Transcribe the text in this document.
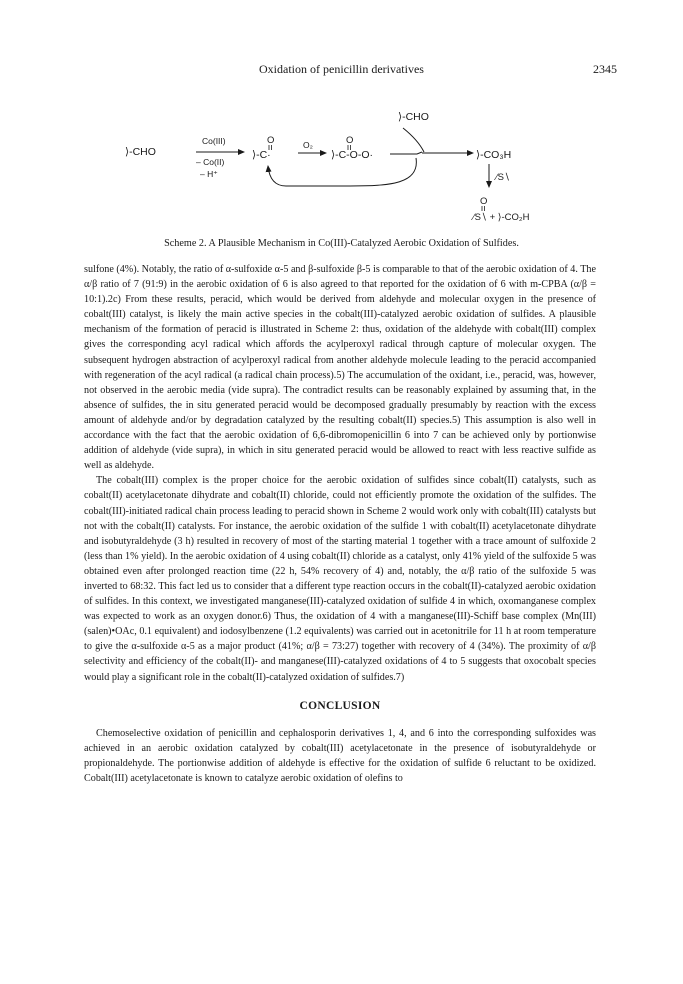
Oxidation of penicillin derivatives	2345
⟩-CHO
Co(III)
– Co(II)
– H⁺
O
⟩-C·
O₂	O
⟩-C-O-O·
⟩-CHO
⟩-CO₃H
∕S∖
O
∕S∖ + ⟩-CO₂H
Scheme 2. A Plausible Mechanism in Co(III)-Catalyzed Aerobic Oxidation of Sulfides.

sulfone (4%). Notably, the ratio of α-sulfoxide α-5 and β-sulfoxide β-5 is comparable to that of the aerobic oxidation of 4. The α/β ratio of 7 (91:9) in the aerobic oxidation of 6 is also agreed to that reported for the oxidation of 6 with m-CPBA (α/β = 10:1).2c) From these results, peracid, which would be derived from aldehyde and molecular oxygen in the presence of cobalt(III) catalyst, is likely the main active species in the cobalt(III)-catalyzed aerobic oxidation of sulfides. A plausible mechanism of the formation of peracid is illustrated in Scheme 2: thus, oxidation of the aldehyde with cobalt(III) complex gives the corresponding acyl radical which affords the acylperoxyl radical through capture of molecular oxygen. The subsequent hydrogen abstraction of acylperoxyl radical from another aldehyde molecule leading to the peracid accompanied with regeneration of the acyl radical (a radical chain process).5) The accumulation of the oxidant, i.e., peracid, was, however, not observed in the aerobic media (vide supra). The contradict results can be reasonably explained by assuming that, in the absence of sulfides, the in situ generated peracid would be decomposed gradually presumably by reaction with the excess amount of aldehyde and/or by degradation catalyzed by the resulting cobalt(II) species.5) This assumption is also well in accordance with the fact that the aerobic oxidation of 6,6-dibromopenicillin 6 into 7 can be achieved only by portionwise addition of aldehyde (vide supra), in which in situ generated peracid would be allowed to react with less reactive sulfide as well as aldehyde.

The cobalt(III) complex is the proper choice for the aerobic oxidation of sulfides since cobalt(II) catalysts, such as cobalt(II) acetylacetonate dihydrate and cobalt(II) chloride, could not efficiently promote the oxidation of the sulfides. The cobalt(III)-initiated radical chain process leading to peracid shown in Scheme 2 would work only with cobalt(III) catalysts but not with the cobalt(II) catalysts. For instance, the aerobic oxidation of the sulfide 1 with cobalt(II) acetylacetonate dihydrate and isobutyraldehyde (3 h) resulted in recovery of most of the starting material 1 together with a trace amount of sulfoxide 2 (less than 1% yield). In the aerobic oxidation of 4 using cobalt(II) chloride as a catalyst, only 41% yield of the sulfoxide 5 was obtained even after prolonged reaction time (22 h, 54% recovery of 4) and, notably, the α/β ratio of the sulfoxide 5 was inverted to 68:32. This fact led us to consider that a different type reaction occurs in the cobalt(II)-catalyzed aerobic oxidation of sulfides. In this context, we investigated manganese(III)-catalyzed oxidation of sulfide 4 in which, oxomanganese complex was expected to work as an oxygen donor.6) Thus, the oxidation of 4 with a manganese(III)-Schiff base complex (Mn(III)(salen)•OAc, 0.1 equivalent) and iodosylbenzene (1.2 equivalents) was carried out in acetonitrile for 11 h at room temperature to give the α-sulfoxide α-5 as a major product (41%; α/β = 73:27) together with recovery of 4 (34%). The proximity of α/β selectivity and efficiency of the cobalt(II)- and manganese(III)-catalyzed oxidations of 4 to 5 suggests that oxocobalt species would play a significant role in the cobalt(II)-catalyzed oxidation of sulfides.7)

CONCLUSION

Chemoselective oxidation of penicillin and cephalosporin derivatives 1, 4, and 6 into the corresponding sulfoxides was achieved in an aerobic oxidation catalyzed by cobalt(III) acetylacetonate in the presence of isobutyraldehyde or propionaldehyde. The portionwise addition of aldehyde is effective for the oxidation of sulfide 6 reluctant to be oxidized. Cobalt(III) acetylacetonate is known to catalyze aerobic oxidation of olefins to
